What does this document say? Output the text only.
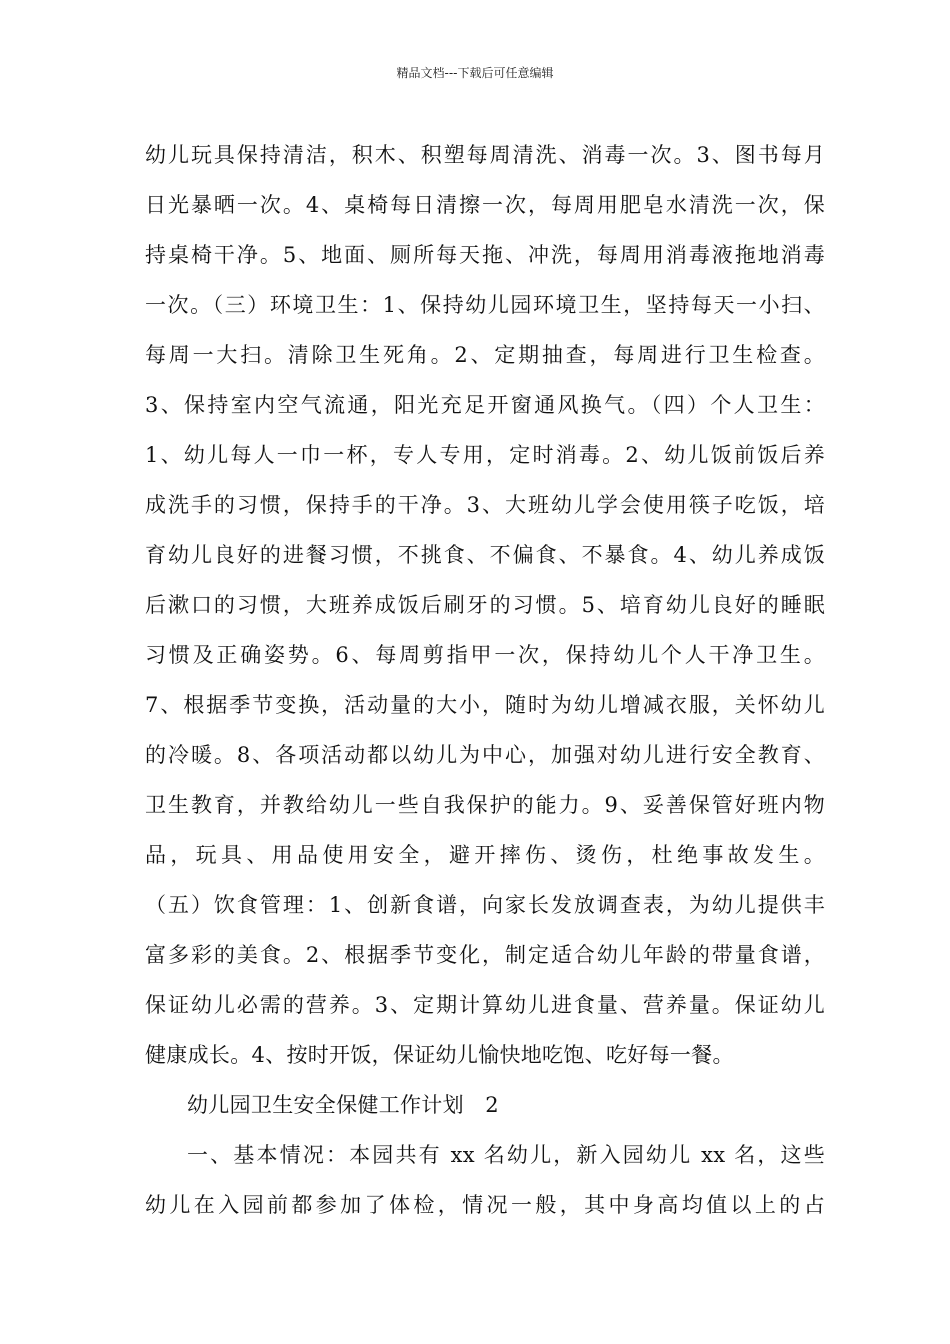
精品文档---下载后可任意编辑
幼儿玩具保持清洁，积木、积塑每周清洗、消毒一次。3、图书每月
日光暴晒一次。4、桌椅每日清擦一次，每周用肥皂水清洗一次，保
持桌椅干净。5、地面、厕所每天拖、冲洗，每周用消毒液拖地消毒
一次。（三）环境卫生：1、保持幼儿园环境卫生，坚持每天一小扫、
每周一大扫。清除卫生死角。2、定期抽查，每周进行卫生检查。
3、保持室内空气流通，阳光充足开窗通风换气。（四）个人卫生：
1、幼儿每人一巾一杯，专人专用，定时消毒。2、幼儿饭前饭后养
成洗手的习惯，保持手的干净。3、大班幼儿学会使用筷子吃饭，培
育幼儿良好的进餐习惯，不挑食、不偏食、不暴食。4、幼儿养成饭
后漱口的习惯，大班养成饭后刷牙的习惯。5、培育幼儿良好的睡眠
习惯及正确姿势。6、每周剪指甲一次，保持幼儿个人干净卫生。
7、根据季节变换，活动量的大小，随时为幼儿增减衣服，关怀幼儿
的冷暖。8、各项活动都以幼儿为中心，加强对幼儿进行安全教育、
卫生教育，并教给幼儿一些自我保护的能力。9、妥善保管好班内物
品，玩具、用品使用安全，避开摔伤、烫伤，杜绝事故发生。
（五）饮食管理：1、创新食谱，向家长发放调查表，为幼儿提供丰
富多彩的美食。2、根据季节变化，制定适合幼儿年龄的带量食谱，
保证幼儿必需的营养。3、定期计算幼儿进食量、营养量。保证幼儿
健康成长。4、按时开饭，保证幼儿愉快地吃饱、吃好每一餐。
幼儿园卫生安全保健工作计划　2
一、基本情况：本园共有 xx 名幼儿，新入园幼儿 xx 名，这些
幼儿在入园前都参加了体检，情况一般，其中身高均值以上的占
